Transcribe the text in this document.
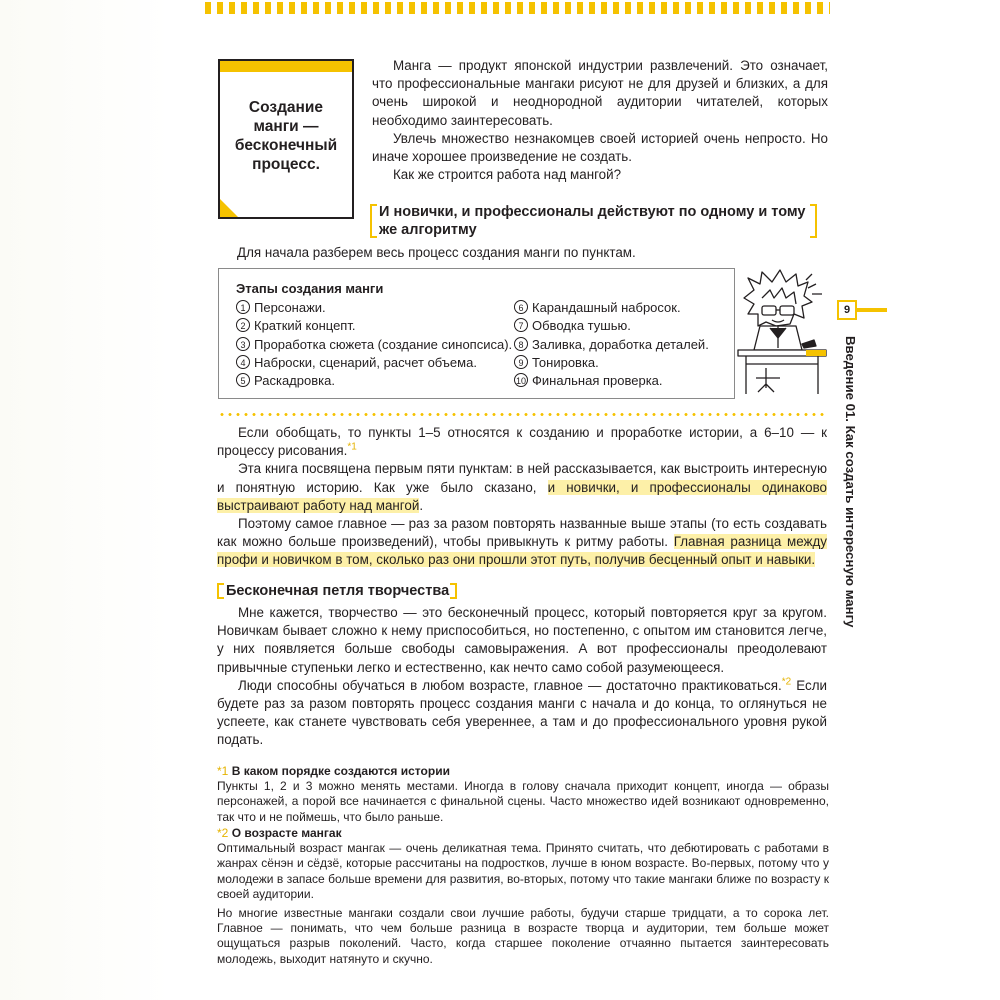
Создание
манги —
бесконечный
процесс.

Манга — продукт японской индустрии развлечений. Это означает, что профессиональные мангаки рисуют не для друзей и близких, а для очень широкой и неоднородной аудитории читателей, которых необходимо заинтересовать.

Увлечь множество незнакомцев своей историей очень непросто. Но иначе хорошее произведение не создать.

Как же строится работа над мангой?

И новички, и профессионалы действуют по одному и тому же алгоритму
Для начала разберем весь процесс создания манги по пунктам.
Этапы создания манги
1 Персонажи.
2 Краткий концепт.
3 Проработка сюжета (создание синопсиса).
4 Наброски, сценарий, расчет объема.
5 Раскадровка.
6 Карандашный набросок.
7 Обводка тушью.
8 Заливка, доработка деталей.
9 Тонировка.
10 Финальная проверка.

Если обобщать, то пункты 1–5 относятся к созданию и проработке истории, а 6–10 — к процессу рисования.$^{*1}$

Эта книга посвящена первым пяти пунктам: в ней рассказывается, как выстроить интересную и понятную историю. Как уже было сказано, и новички, и профессионалы одинаково выстраивают работу над мангой.

Поэтому самое главное — раз за разом повторять названные выше этапы (то есть создавать как можно больше произведений), чтобы привыкнуть к ритму работы. Главная разница между профи и новичком в том, сколько раз они прошли этот путь, получив бесценный опыт и навыки.

Бесконечная петля творчества

Мне кажется, творчество — это бесконечный процесс, который повторяется круг за кругом. Новичкам бывает сложно к нему приспособиться, но постепенно, с опытом им становится легче, у них появляется больше свободы самовыражения. А вот профессионалы преодолевают привычные ступеньки легко и естественно, как нечто само собой разумеющееся.

Люди способны обучаться в любом возрасте, главное — достаточно практиковаться.$^{*2}$ Если будете раз за разом повторять процесс создания манги с начала и до конца, то оглянуться не успеете, как станете чувствовать себя увереннее, а там и до профессионального уровня рукой подать.

*1 В каком порядке создаются истории
Пункты 1, 2 и 3 можно менять местами. Иногда в голову сначала приходит концепт, иногда — образы персонажей, а порой все начинается с финальной сцены. Часто множество идей возникают одновременно, так что и не поймешь, что было раньше.
*2 О возрасте мангак
Оптимальный возраст мангак — очень деликатная тема. Принято считать, что дебютировать с работами в жанрах сёнэн и сёдзё, которые рассчитаны на подростков, лучше в юном возрасте. Во-первых, потому что у молодежи в запасе больше времени для развития, во-вторых, потому что такие мангаки ближе по возрасту к своей аудитории.
Но многие известные мангаки создали свои лучшие работы, будучи старше тридцати, а то сорока лет. Главное — понимать, что чем больше разница в возрасте творца и аудитории, тем больше может ощущаться разрыв поколений. Часто, когда старшее поколение отчаянно пытается заинтересовать молодежь, выходит натянуто и скучно.
9
Введение 01. Как создать интересную мангу
